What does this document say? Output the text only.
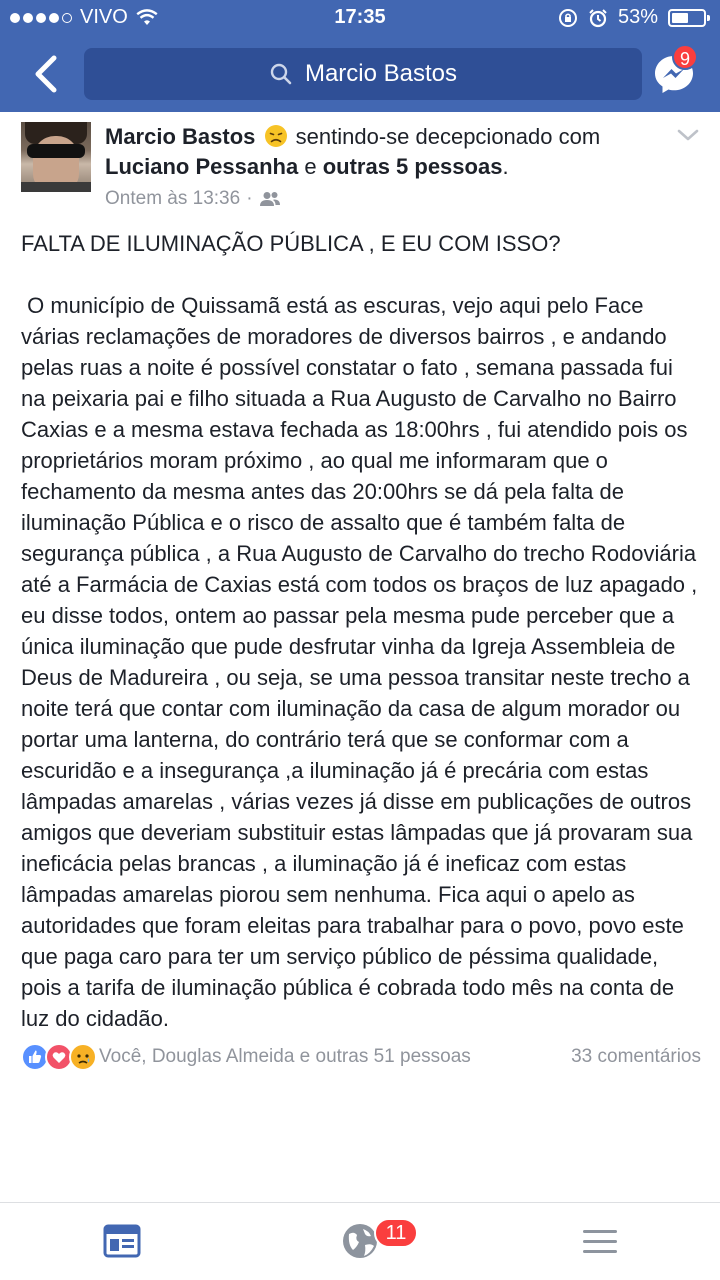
VIVO	17:35	53%
Marcio Bastos
9
Marcio Bastos sentindo-se decepcionado com Luciano Pessanha e outras 5 pessoas.
Ontem às 13:36 ·

FALTA DE ILUMINAÇÃO PÚBLICA , E EU COM ISSO?

O município de Quissamã está as escuras, vejo aqui pelo Face várias reclamações de moradores de diversos bairros , e andando pelas ruas a noite é possível constatar o fato , semana passada fui na peixaria pai e filho situada a Rua Augusto de Carvalho no Bairro Caxias e a mesma estava fechada as 18:00hrs , fui atendido pois os proprietários moram próximo , ao qual me informaram que o fechamento da mesma antes das 20:00hrs se dá pela falta de iluminação Pública e o risco de assalto que é também falta de segurança pública , a Rua Augusto de Carvalho do trecho Rodoviária até a Farmácia de Caxias está com todos os braços de luz apagado , eu disse todos, ontem ao passar pela mesma pude perceber que a única iluminação que pude desfrutar vinha da Igreja Assembleia de Deus de Madureira , ou seja, se uma pessoa transitar neste trecho a noite terá que contar com iluminação da casa de algum morador ou portar uma lanterna, do contrário terá que se conformar com a escuridão e a insegurança ,a iluminação já é precária com estas lâmpadas amarelas , várias vezes já disse em publicações de outros amigos que deveriam substituir estas lâmpadas que já provaram sua ineficácia pelas brancas , a iluminação já é ineficaz com estas lâmpadas amarelas piorou sem nenhuma. Fica aqui o apelo as autoridades que foram eleitas para trabalhar para o povo, povo este que paga caro para ter um serviço público de péssima qualidade, pois a tarifa de iluminação pública é cobrada todo mês na conta de luz do cidadão.

Você, Douglas Almeida e outras 51 pessoas	33 comentários
11
